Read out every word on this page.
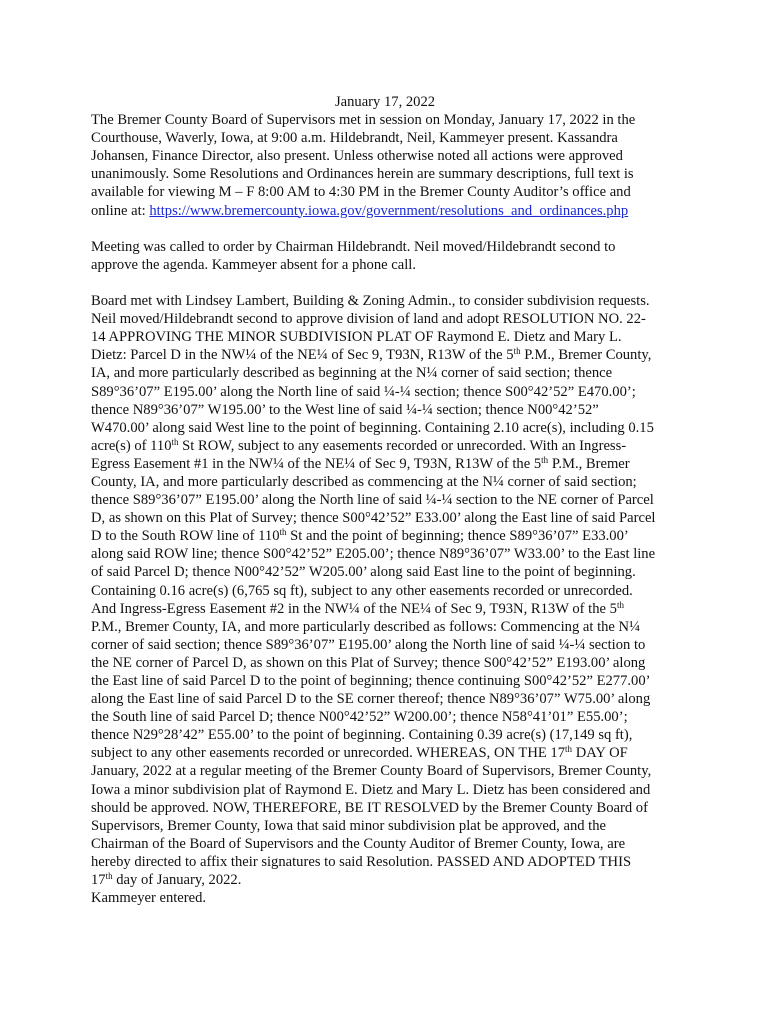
January 17, 2022
The Bremer County Board of Supervisors met in session on Monday, January 17, 2022 in the
Courthouse, Waverly, Iowa, at 9:00 a.m. Hildebrandt, Neil, Kammeyer present. Kassandra
Johansen, Finance Director, also present. Unless otherwise noted all actions were approved
unanimously. Some Resolutions and Ordinances herein are summary descriptions, full text is
available for viewing M – F 8:00 AM to 4:30 PM in the Bremer County Auditor’s office and
online at: https://www.bremercounty.iowa.gov/government/resolutions_and_ordinances.php
Meeting was called to order by Chairman Hildebrandt. Neil moved/Hildebrandt second to
approve the agenda. Kammeyer absent for a phone call.
Board met with Lindsey Lambert, Building & Zoning Admin., to consider subdivision requests.
Neil moved/Hildebrandt second to approve division of land and adopt RESOLUTION NO. 22-
14 APPROVING THE MINOR SUBDIVISION PLAT OF Raymond E. Dietz and Mary L.
Dietz: Parcel D in the NW¼ of the NE¼ of Sec 9, T93N, R13W of the 5th P.M., Bremer County,
IA, and more particularly described as beginning at the N¼ corner of said section; thence
S89°36’07” E195.00’ along the North line of said ¼-¼ section; thence S00°42’52” E470.00’;
thence N89°36’07” W195.00’ to the West line of said ¼-¼ section; thence N00°42’52”
W470.00’ along said West line to the point of beginning. Containing 2.10 acre(s), including 0.15
acre(s) of 110th St ROW, subject to any easements recorded or unrecorded. With an Ingress-
Egress Easement #1 in the NW¼ of the NE¼ of Sec 9, T93N, R13W of the 5th P.M., Bremer
County, IA, and more particularly described as commencing at the N¼ corner of said section;
thence S89°36’07” E195.00’ along the North line of said ¼-¼ section to the NE corner of Parcel
D, as shown on this Plat of Survey; thence S00°42’52” E33.00’ along the East line of said Parcel
D to the South ROW line of 110th St and the point of beginning; thence S89°36’07” E33.00’
along said ROW line; thence S00°42’52” E205.00’; thence N89°36’07” W33.00’ to the East line
of said Parcel D; thence N00°42’52” W205.00’ along said East line to the point of beginning.
Containing 0.16 acre(s) (6,765 sq ft), subject to any other easements recorded or unrecorded.
And Ingress-Egress Easement #2 in the NW¼ of the NE¼ of Sec 9, T93N, R13W of the 5th
P.M., Bremer County, IA, and more particularly described as follows: Commencing at the N¼
corner of said section; thence S89°36’07” E195.00’ along the North line of said ¼-¼ section to
the NE corner of Parcel D, as shown on this Plat of Survey; thence S00°42’52” E193.00’ along
the East line of said Parcel D to the point of beginning; thence continuing S00°42’52” E277.00’
along the East line of said Parcel D to the SE corner thereof; thence N89°36’07” W75.00’ along
the South line of said Parcel D; thence N00°42’52” W200.00’; thence N58°41’01” E55.00’;
thence N29°28’42” E55.00’ to the point of beginning. Containing 0.39 acre(s) (17,149 sq ft),
subject to any other easements recorded or unrecorded. WHEREAS, ON THE 17th DAY OF
January, 2022 at a regular meeting of the Bremer County Board of Supervisors, Bremer County,
Iowa a minor subdivision plat of Raymond E. Dietz and Mary L. Dietz has been considered and
should be approved. NOW, THEREFORE, BE IT RESOLVED by the Bremer County Board of
Supervisors, Bremer County, Iowa that said minor subdivision plat be approved, and the
Chairman of the Board of Supervisors and the County Auditor of Bremer County, Iowa, are
hereby directed to affix their signatures to said Resolution. PASSED AND ADOPTED THIS
17th day of January, 2022.
Kammeyer entered.
